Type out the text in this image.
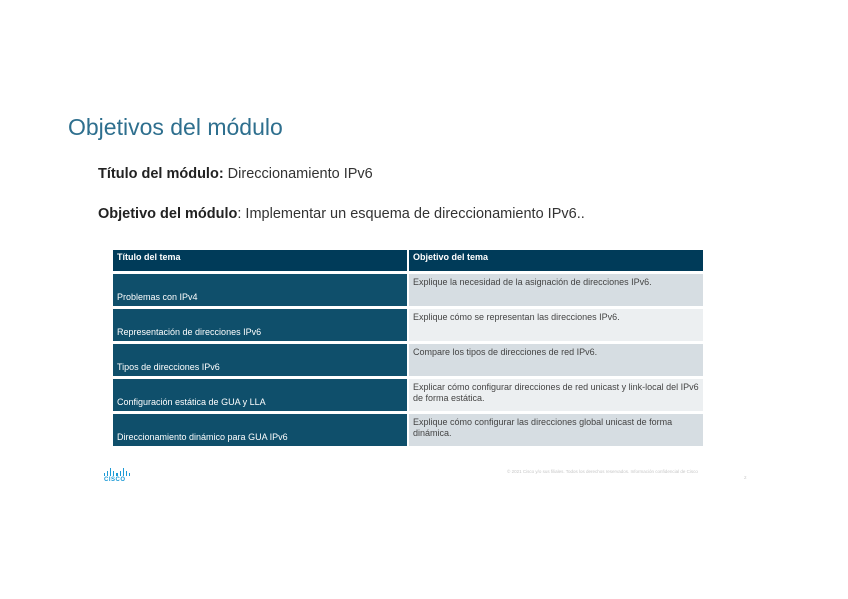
Objetivos del módulo
Título del módulo: Direccionamiento IPv6
Objetivo del módulo: Implementar un esquema de direccionamiento IPv6..
Título del tema	Objetivo del tema
Problemas con IPv4	Explique la necesidad de la asignación de direcciones IPv6.
Representación de direcciones IPv6	Explique cómo se representan las direcciones IPv6.
Tipos de direcciones IPv6	Compare los tipos de direcciones de red IPv6.
Configuración estática de GUA y LLA	Explicar cómo configurar direcciones de red unicast y link-local del IPv6 de forma estática.
Direccionamiento dinámico para GUA IPv6	Explique cómo configurar las direcciones global unicast de forma dinámica.
CISCO
© 2021 Cisco y/o sus filiales. Todos los derechos reservados. Información confidencial de Cisco
2
